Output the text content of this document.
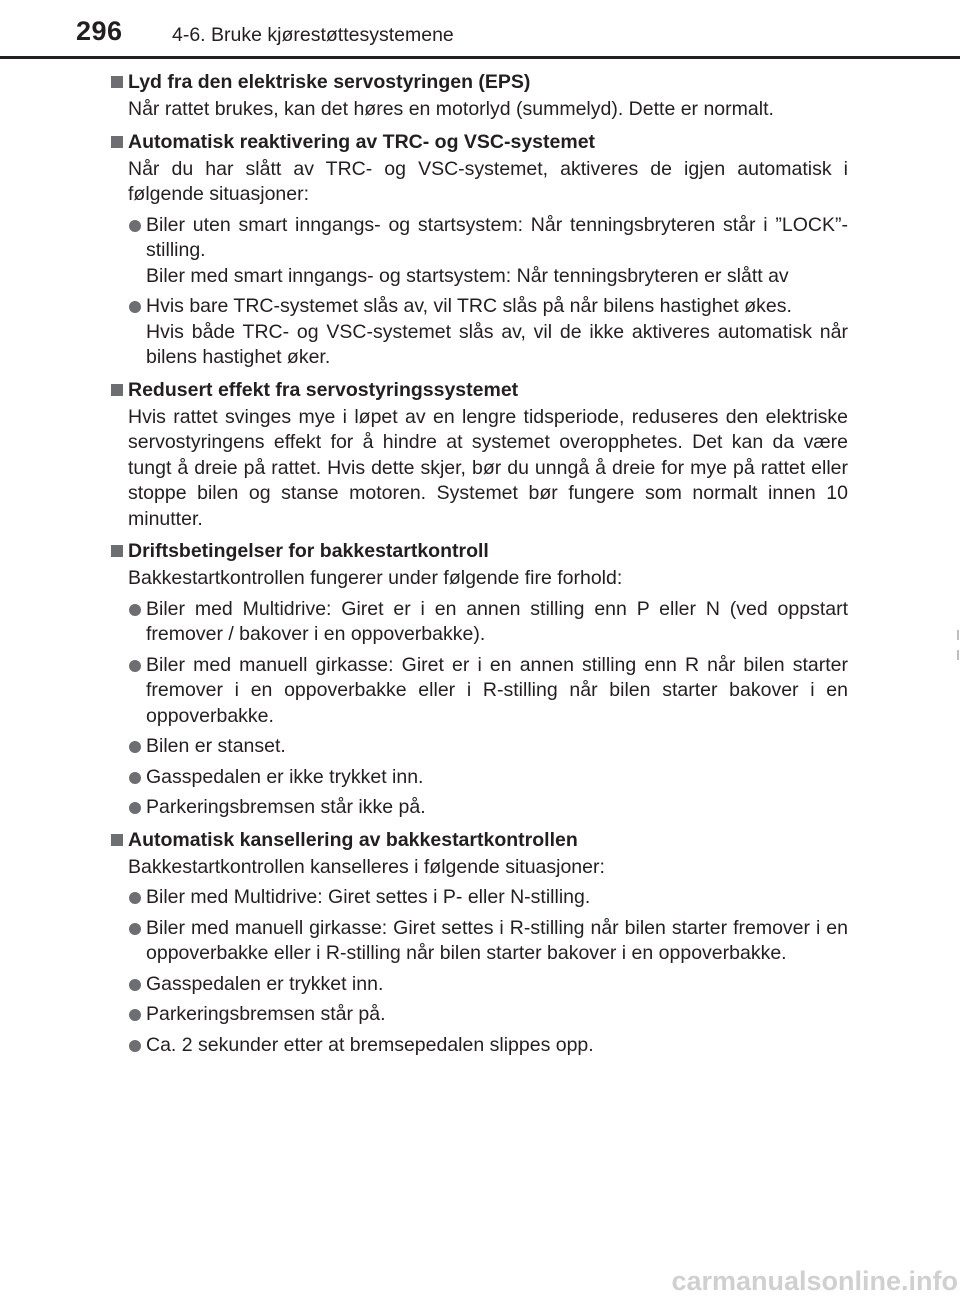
296	4-6. Bruke kjørestøttesystemene
Lyd fra den elektriske servostyringen (EPS)
Når rattet brukes, kan det høres en motorlyd (summelyd). Dette er normalt.
Automatisk reaktivering av TRC- og VSC-systemet
Når du har slått av TRC- og VSC-systemet, aktiveres de igjen automatisk i følgende situasjoner:
Biler uten smart inngangs- og startsystem: Når tenningsbryteren står i ”LOCK”-stilling.
Biler med smart inngangs- og startsystem: Når tenningsbryteren er slått av
Hvis bare TRC-systemet slås av, vil TRC slås på når bilens hastighet økes.
Hvis både TRC- og VSC-systemet slås av, vil de ikke aktiveres automatisk når bilens hastighet øker.
Redusert effekt fra servostyringssystemet
Hvis rattet svinges mye i løpet av en lengre tidsperiode, reduseres den elektriske servostyringens effekt for å hindre at systemet overopphetes. Det kan da være tungt å dreie på rattet. Hvis dette skjer, bør du unngå å dreie for mye på rattet eller stoppe bilen og stanse motoren. Systemet bør fungere som normalt innen 10 minutter.
Driftsbetingelser for bakkestartkontroll
Bakkestartkontrollen fungerer under følgende fire forhold:
Biler med Multidrive: Giret er i en annen stilling enn P eller N (ved oppstart fremover / bakover i en oppoverbakke).
Biler med manuell girkasse: Giret er i en annen stilling enn R når bilen starter fremover i en oppoverbakke eller i R-stilling når bilen starter bakover i en oppoverbakke.
Bilen er stanset.
Gasspedalen er ikke trykket inn.
Parkeringsbremsen står ikke på.
Automatisk kansellering av bakkestartkontrollen
Bakkestartkontrollen kanselleres i følgende situasjoner:
Biler med Multidrive: Giret settes i P- eller N-stilling.
Biler med manuell girkasse: Giret settes i R-stilling når bilen starter fremover i en oppoverbakke eller i R-stilling når bilen starter bakover i en oppoverbakke.
Gasspedalen er trykket inn.
Parkeringsbremsen står på.
Ca. 2 sekunder etter at bremsepedalen slippes opp.
carmanualsonline.info
